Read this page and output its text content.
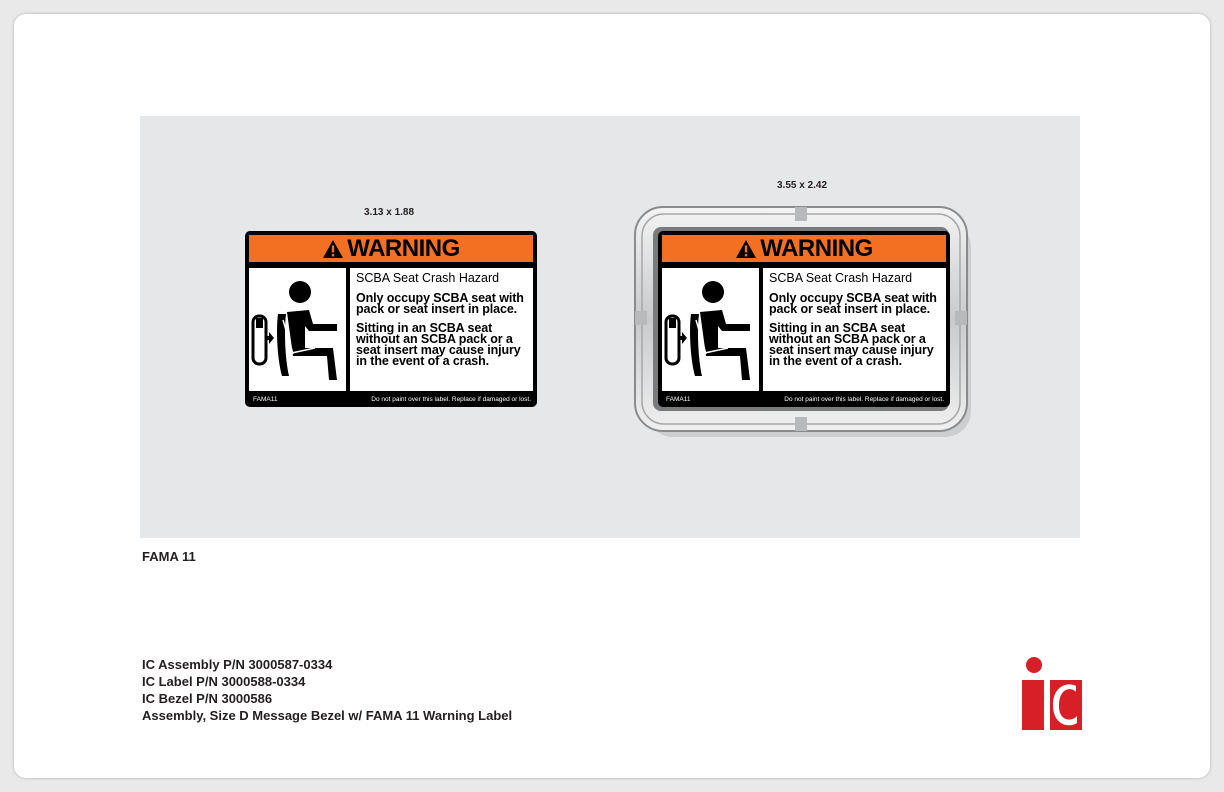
3.13 x 1.88
WARNING
SCBA Seat Crash Hazard
Only occupy SCBA seat with pack or seat insert in place.
Sitting in an SCBA seat without an SCBA pack or a seat insert may cause injury in the event of a crash.
FAMA11	Do not paint over this label. Replace if damaged or lost.
3.55 x 2.42
WARNING
SCBA Seat Crash Hazard
Only occupy SCBA seat with pack or seat insert in place.
Sitting in an SCBA seat without an SCBA pack or a seat insert may cause injury in the event of a crash.
FAMA11	Do not paint over this label. Replace if damaged or lost.
FAMA 11
IC Assembly P/N 3000587-0334
IC Label P/N 3000588-0334
IC Bezel P/N 3000586
Assembly, Size D Message Bezel w/ FAMA 11 Warning Label
